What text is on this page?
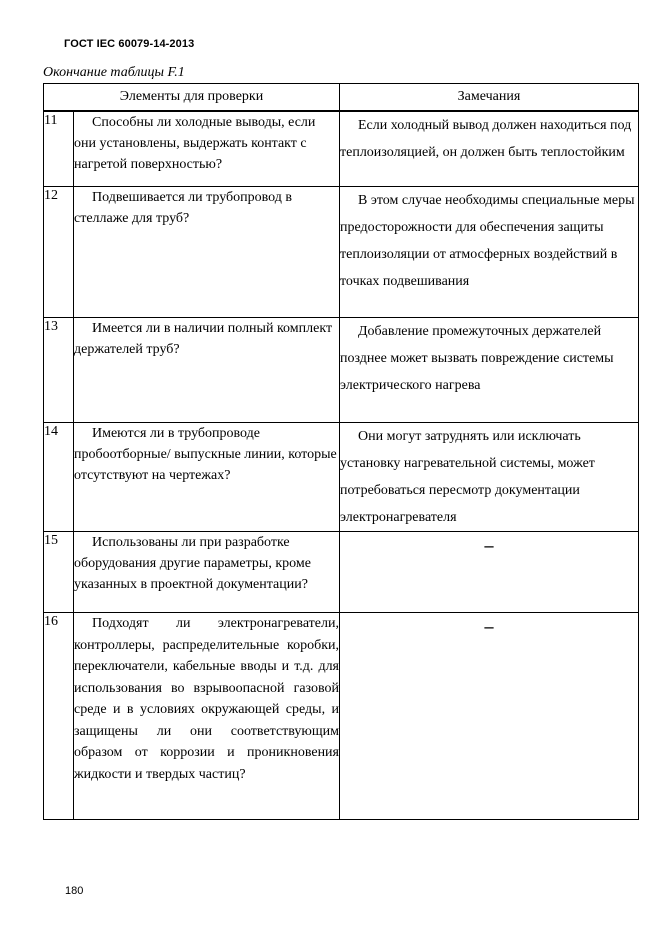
ГОСТ IEC 60079-14-2013
Окончание таблицы F.1
Элементы для проверки		Замечания
11	Способны ли холодные выводы, если они установлены, выдержать контакт с нагретой поверхностью?	Если холодный вывод должен находиться под теплоизоляцией, он должен быть теплостойким

12	Подвешивается ли трубопровод в стеллаже для труб?	В этом случае необходимы специальные меры предосторожности для обеспечения защиты теплоизоляции от атмосферных воздействий в точках подвешивания

13	Имеется ли в наличии полный комплект держателей труб?	Добавление промежуточных держателей позднее может вызвать повреждение системы электрического нагрева

14	Имеются ли в трубопроводе пробоотборные/ выпускные линии, которые отсутствуют на чертежах?	Они могут затруднять или исключать установку нагревательной системы, может потребоваться пересмотр документации электронагревателя

15	Использованы ли при разработке оборудования другие параметры, кроме указанных в проектной документации?	–
16	Подходят ли электронагреватели, контроллеры, распределительные коробки, переключатели, кабельные вводы и т.д. для использования во взрывоопасной газовой среде и в условиях окружающей среды, и защищены ли они соответствующим образом от коррозии и проникновения жидкости и твердых частиц?	–
180
